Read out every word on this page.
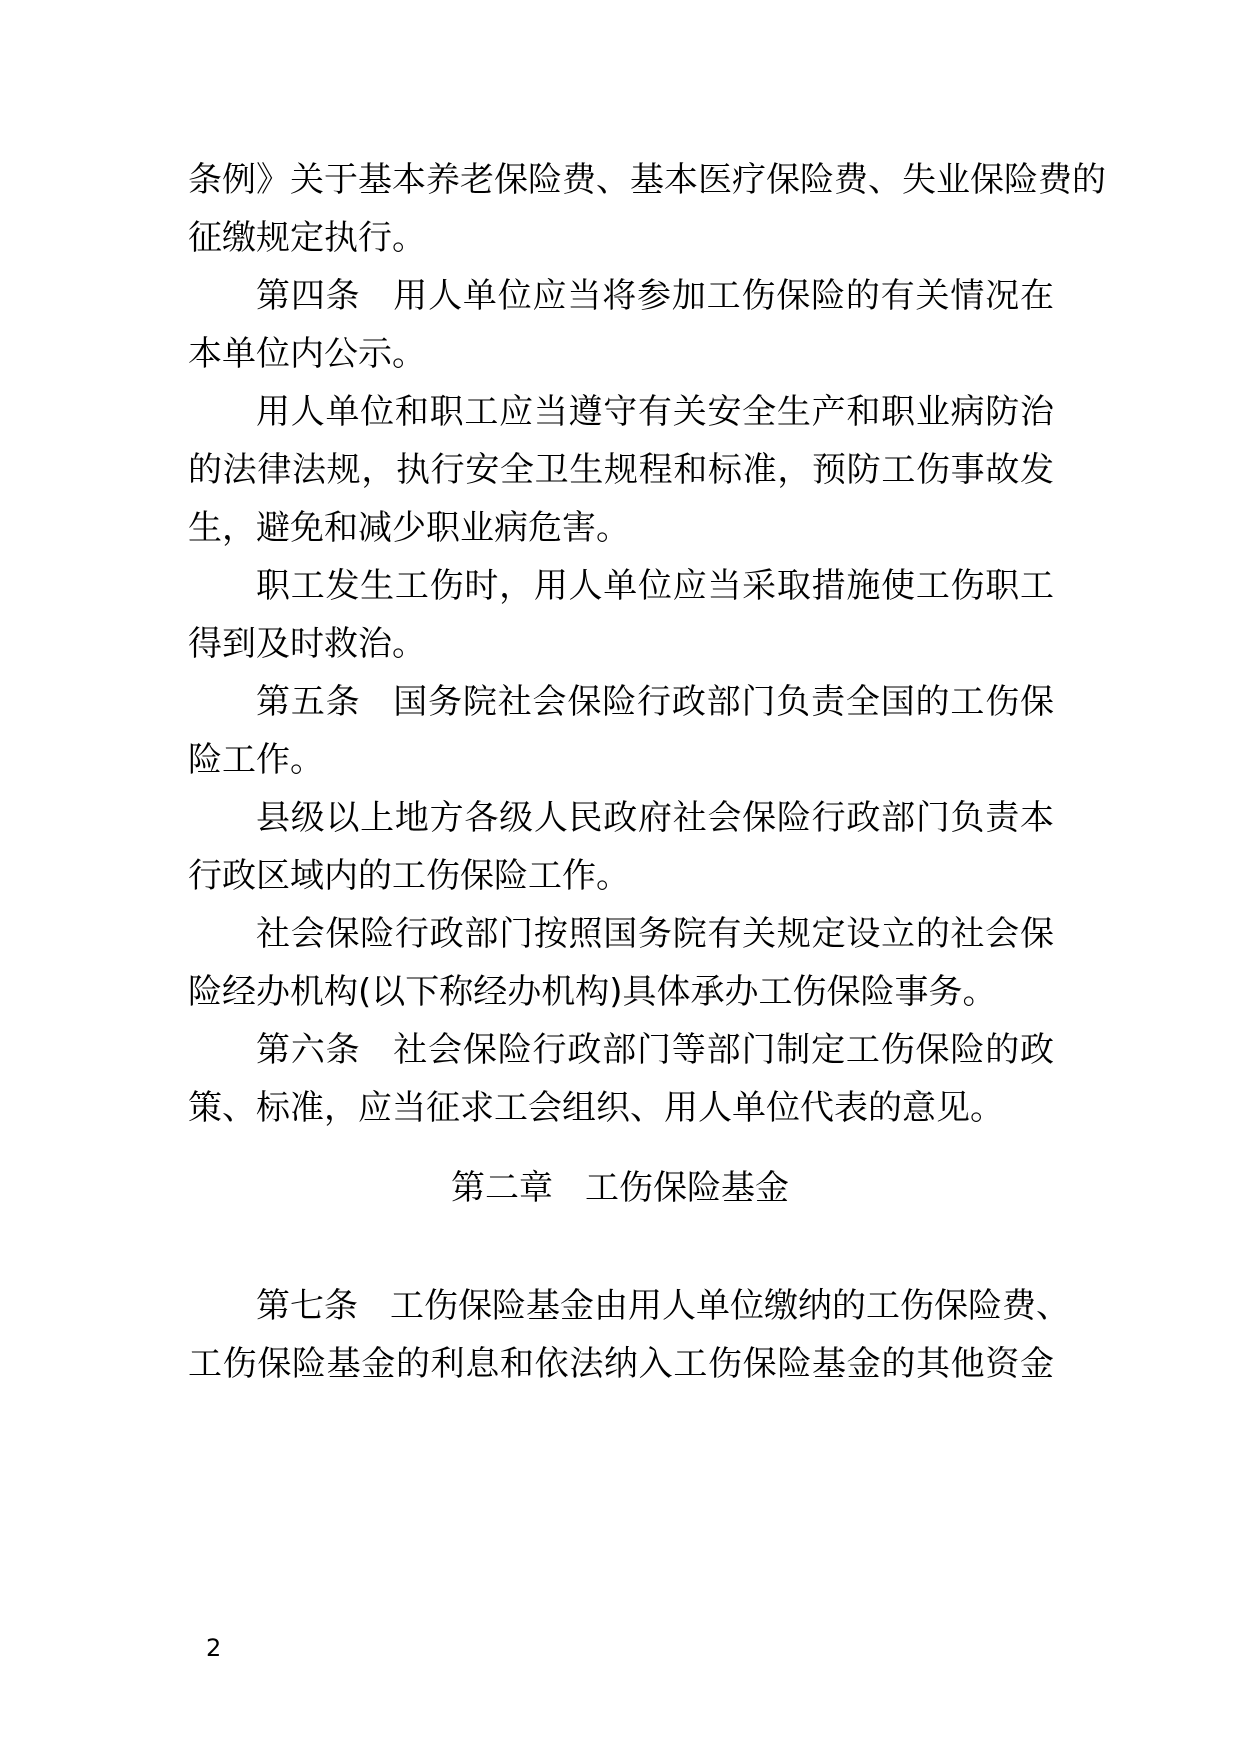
条例》关于基本养老保险费、基本医疗保险费、失业保险费的
征缴规定执行。
第四条 用人单位应当将参加工伤保险的有关情况在
本单位内公示。
用人单位和职工应当遵守有关安全生产和职业病防治
的法律法规，执行安全卫生规程和标准，预防工伤事故发
生，避免和减少职业病危害。
职工发生工伤时，用人单位应当采取措施使工伤职工
得到及时救治。
第五条 国务院社会保险行政部门负责全国的工伤保
险工作。
县级以上地方各级人民政府社会保险行政部门负责本
行政区域内的工伤保险工作。
社会保险行政部门按照国务院有关规定设立的社会保
险经办机构(以下称经办机构)具体承办工伤保险事务。
第六条 社会保险行政部门等部门制定工伤保险的政
策、标准，应当征求工会组织、用人单位代表的意见。
第二章 工伤保险基金
第七条 工伤保险基金由用人单位缴纳的工伤保险费、
工伤保险基金的利息和依法纳入工伤保险基金的其他资金
2
